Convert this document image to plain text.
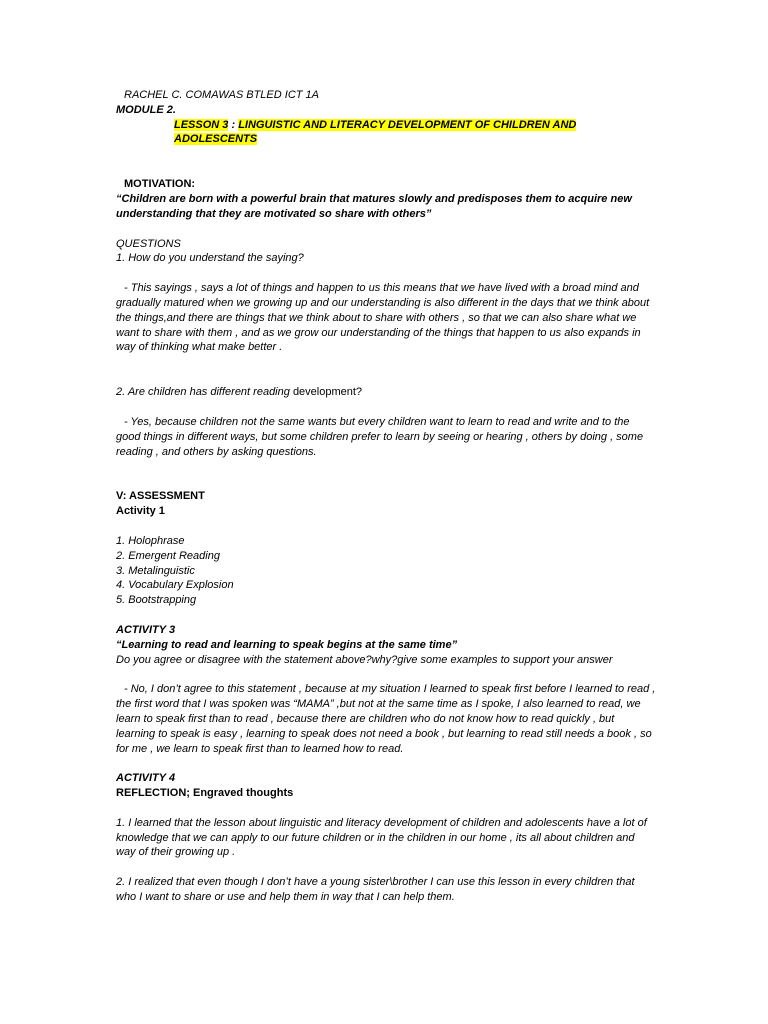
RACHEL C. COMAWAS BTLED ICT 1A

MODULE 2.

LESSON 3 : LINGUISTIC AND LITERACY DEVELOPMENT OF CHILDREN AND ADOLESCENTS

MOTIVATION:

“Children are born with a powerful brain that matures slowly and predisposes them to acquire new understanding that they are motivated so share with others”

QUESTIONS

1. How do you understand the saying?

- This sayings , says a lot of things and happen to us this means that we have lived with a broad mind and gradually matured when we growing up and our understanding is also different in the days that we think about the things,and there are things that we think about to share with others , so that we can also share what we want to share with them , and as we grow our understanding of the things that happen to us also expands in way of thinking what make better .

2. Are children has different reading development?

- Yes, because children not the same wants but every children want to learn to read and write and to the good things in different ways, but some children prefer to learn by seeing or hearing , others by doing , some reading , and others by asking questions.

V: ASSESSMENT

Activity 1

1. Holophrase

2. Emergent Reading

3. Metalinguistic

4. Vocabulary Explosion

5. Bootstrapping

ACTIVITY 3

“Learning to read and learning to speak begins at the same time”

Do you agree or disagree with the statement above?why?give some examples to support your answer

- No, I don’t agree to this statement , because at my situation I learned to speak first before I learned to read , the first word that I was spoken was “MAMA” ,but not at the same time as I spoke, I also learned to read, we learn to speak first than to read , because there are children who do not know how to read quickly , but learning to speak is easy , learning to speak does not need a book , but learning to read still needs a book , so for me , we learn to speak first than to learned how to read.

ACTIVITY 4

REFLECTION; Engraved thoughts

1. I learned that the lesson about linguistic and literacy development of children and adolescents have a lot of knowledge that we can apply to our future children or in the children in our home , its all about children and way of their growing up .

2. I realized that even though I don’t have a young sister\brother I can use this lesson in every children that who I want to share or use and help them in way that I can help them.
